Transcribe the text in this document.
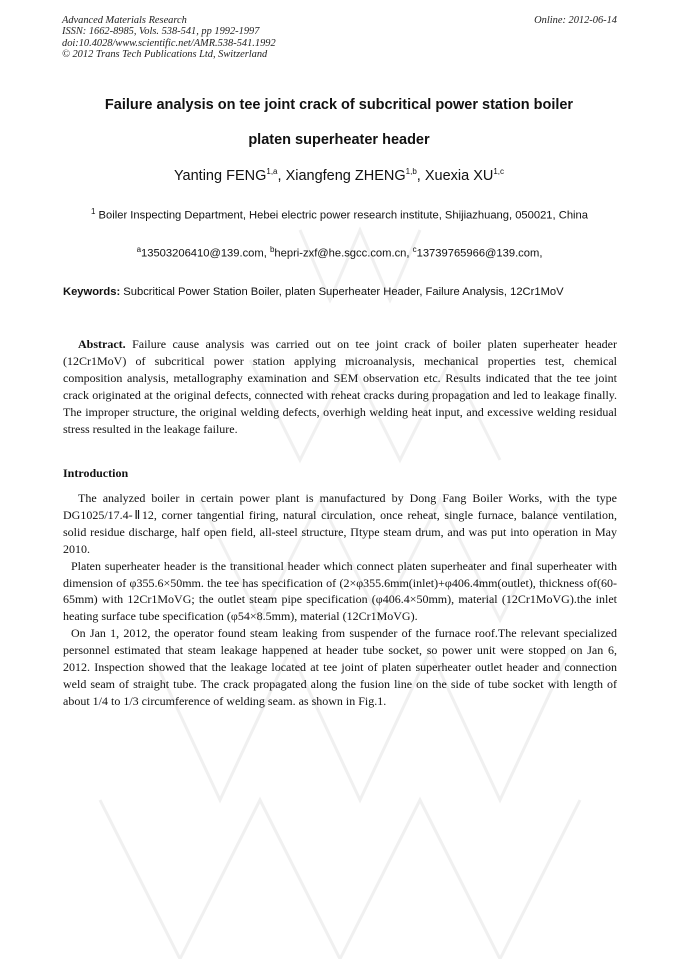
Advanced Materials Research
ISSN: 1662-8985, Vols. 538-541, pp 1992-1997
doi:10.4028/www.scientific.net/AMR.538-541.1992
© 2012 Trans Tech Publications Ltd, Switzerland
Online: 2012-06-14
Failure analysis on tee joint crack of subcritical power station boiler
platen superheater header
Yanting FENG$^{1,a}$, Xiangfeng ZHENG$^{1,b}$, Xuexia XU$^{1,c}$
$^1$ Boiler Inspecting Department, Hebei electric power research institute, Shijiazhuang, 050021, China
$^a$13503206410@139.com, $^b$hepri-zxf@he.sgcc.com.cn, $^c$13739765966@139.com,
Keywords: Subcritical Power Station Boiler, platen Superheater Header, Failure Analysis, 12Cr1MoV
Abstract. Failure cause analysis was carried out on tee joint crack of boiler platen superheater header (12Cr1MoV) of subcritical power station applying microanalysis, mechanical properties test, chemical composition analysis, metallography examination and SEM observation etc. Results indicated that the tee joint crack originated at the original defects, connected with reheat cracks during propagation and led to leakage finally. The improper structure, the original welding defects, overhigh welding heat input, and excessive welding residual stress resulted in the leakage failure.
Introduction

The analyzed boiler in certain power plant is manufactured by Dong Fang Boiler Works, with the type DG1025/17.4-Ⅱ12, corner tangential firing, natural circulation, once reheat, single furnace, balance ventilation, solid residue discharge, half open field, all-steel structure, Πtype steam drum, and was put into operation in May 2010.

Platen superheater header is the transitional header which connect platen superheater and final superheater with dimension of φ355.6×50mm. the tee has specification of (2×φ355.6mm(inlet)+φ406.4mm(outlet), thickness of(60-65mm) with 12Cr1MoVG; the outlet steam pipe specification (φ406.4×50mm), material (12Cr1MoVG).the inlet heating surface tube specification (φ54×8.5mm), material (12Cr1MoVG).

On Jan 1, 2012, the operator found steam leaking from suspender of the furnace roof.The relevant specialized personnel estimated that steam leakage happened at header tube socket, so power unit were stopped on Jan 6, 2012. Inspection showed that the leakage located at tee joint of platen superheater outlet header and connection weld seam of straight tube. The crack propagated along the fusion line on the side of tube socket with length of about 1/4 to 1/3 circumference of welding seam. as shown in Fig.1.
